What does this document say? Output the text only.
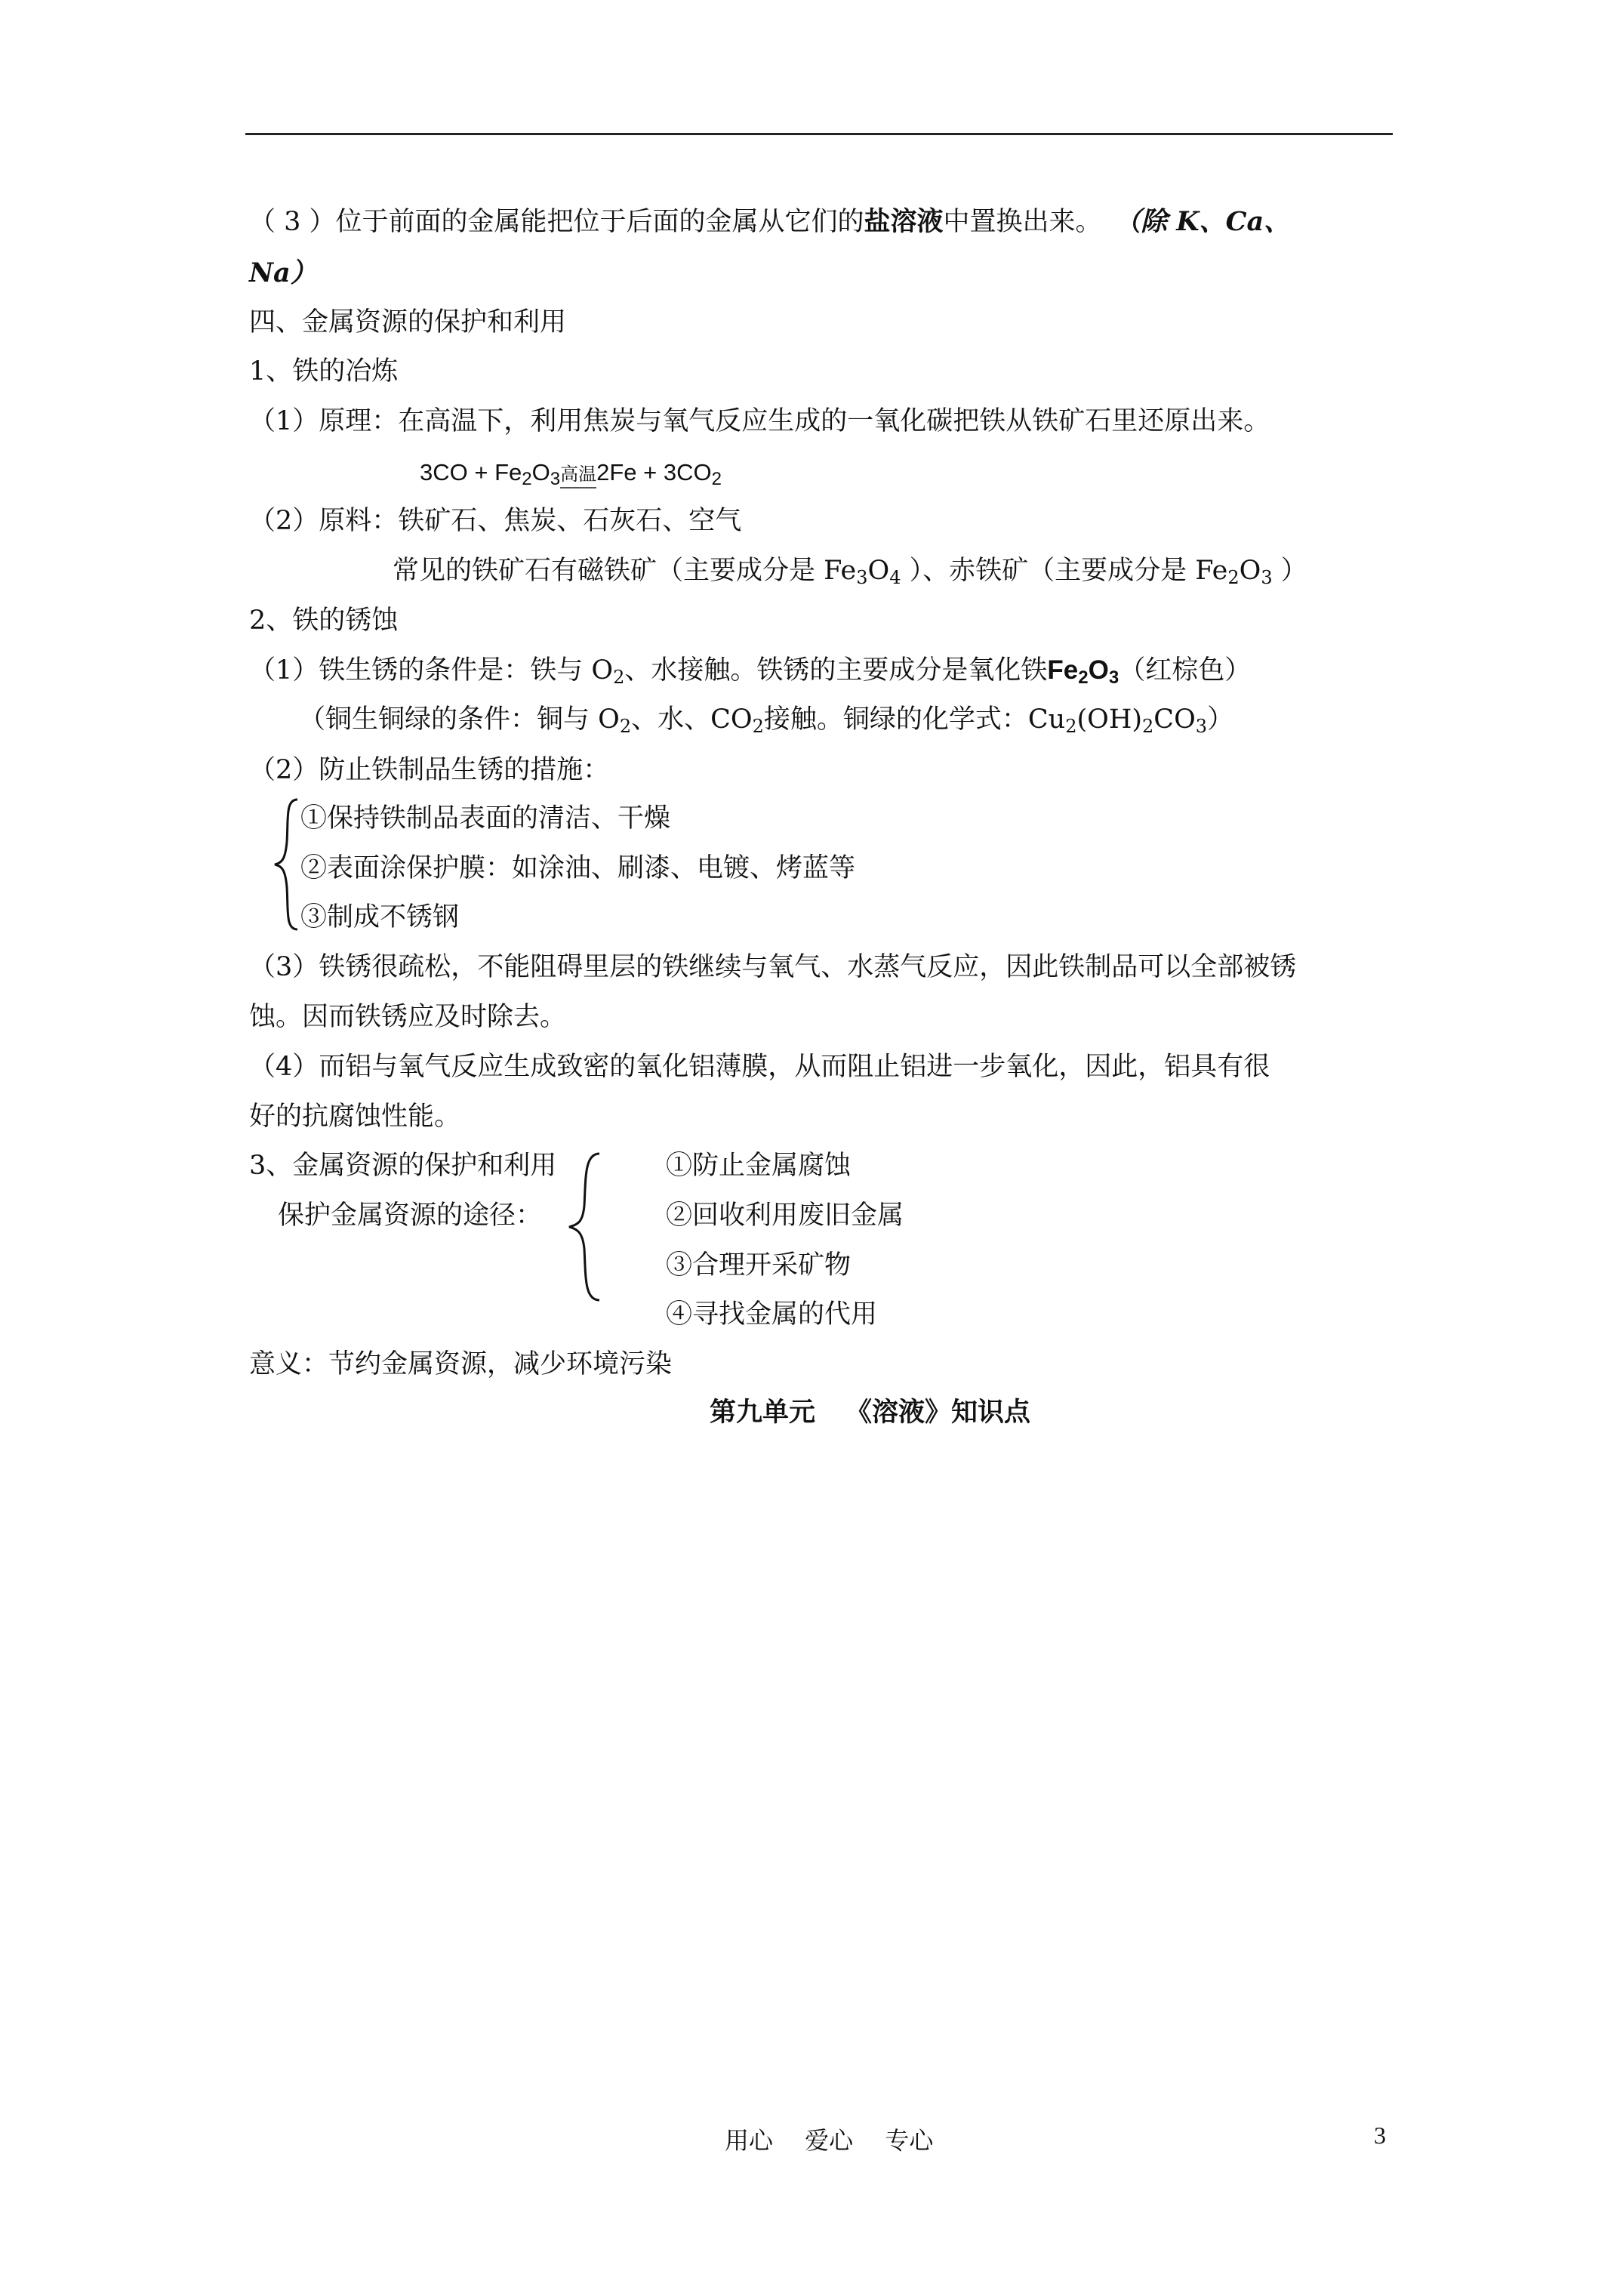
（ 3 ）位于前面的金属能把位于后面的金属从它们的盐溶液中置换出来。 （除 K、Ca、
Na）
四、金属资源的保护和利用
1、铁的冶炼
（1）原理：在高温下，利用焦炭与氧气反应生成的一氧化碳把铁从铁矿石里还原出来。
$3CO + Fe_2O_3$高温
$2Fe + 3CO_2$
（2）原料：铁矿石、焦炭、石灰石、空气
常见的铁矿石有磁铁矿（主要成分是 $Fe_3O_4$ ）、赤铁矿（主要成分是 $Fe_2O_3$ ）
2、铁的锈蚀
（1）铁生锈的条件是：铁与 $O_2$、水接触。铁锈的主要成分是氧化铁$Fe_2O_3$（红棕色）
（铜生铜绿的条件：铜与 $O_2$、水、$CO_2$接触。铜绿的化学式：$Cu_2(OH)_2CO_3$）
（2）防止铁制品生锈的措施：
①保持铁制品表面的清洁、干燥
②表面涂保护膜：如涂油、刷漆、电镀、烤蓝等
③制成不锈钢
（3）铁锈很疏松，不能阻碍里层的铁继续与氧气、水蒸气反应，因此铁制品可以全部被锈
蚀。因而铁锈应及时除去。
（4）而铝与氧气反应生成致密的氧化铝薄膜，从而阻止铝进一步氧化，因此，铝具有很
好的抗腐蚀性能。
3、金属资源的保护和利用
保护金属资源的途径：
①防止金属腐蚀
②回收利用废旧金属
③合理开采矿物
④寻找金属的代用
意义：节约金属资源，减少环境污染
第九单元 《溶液》知识点
用心　 爱心　 专心	3
